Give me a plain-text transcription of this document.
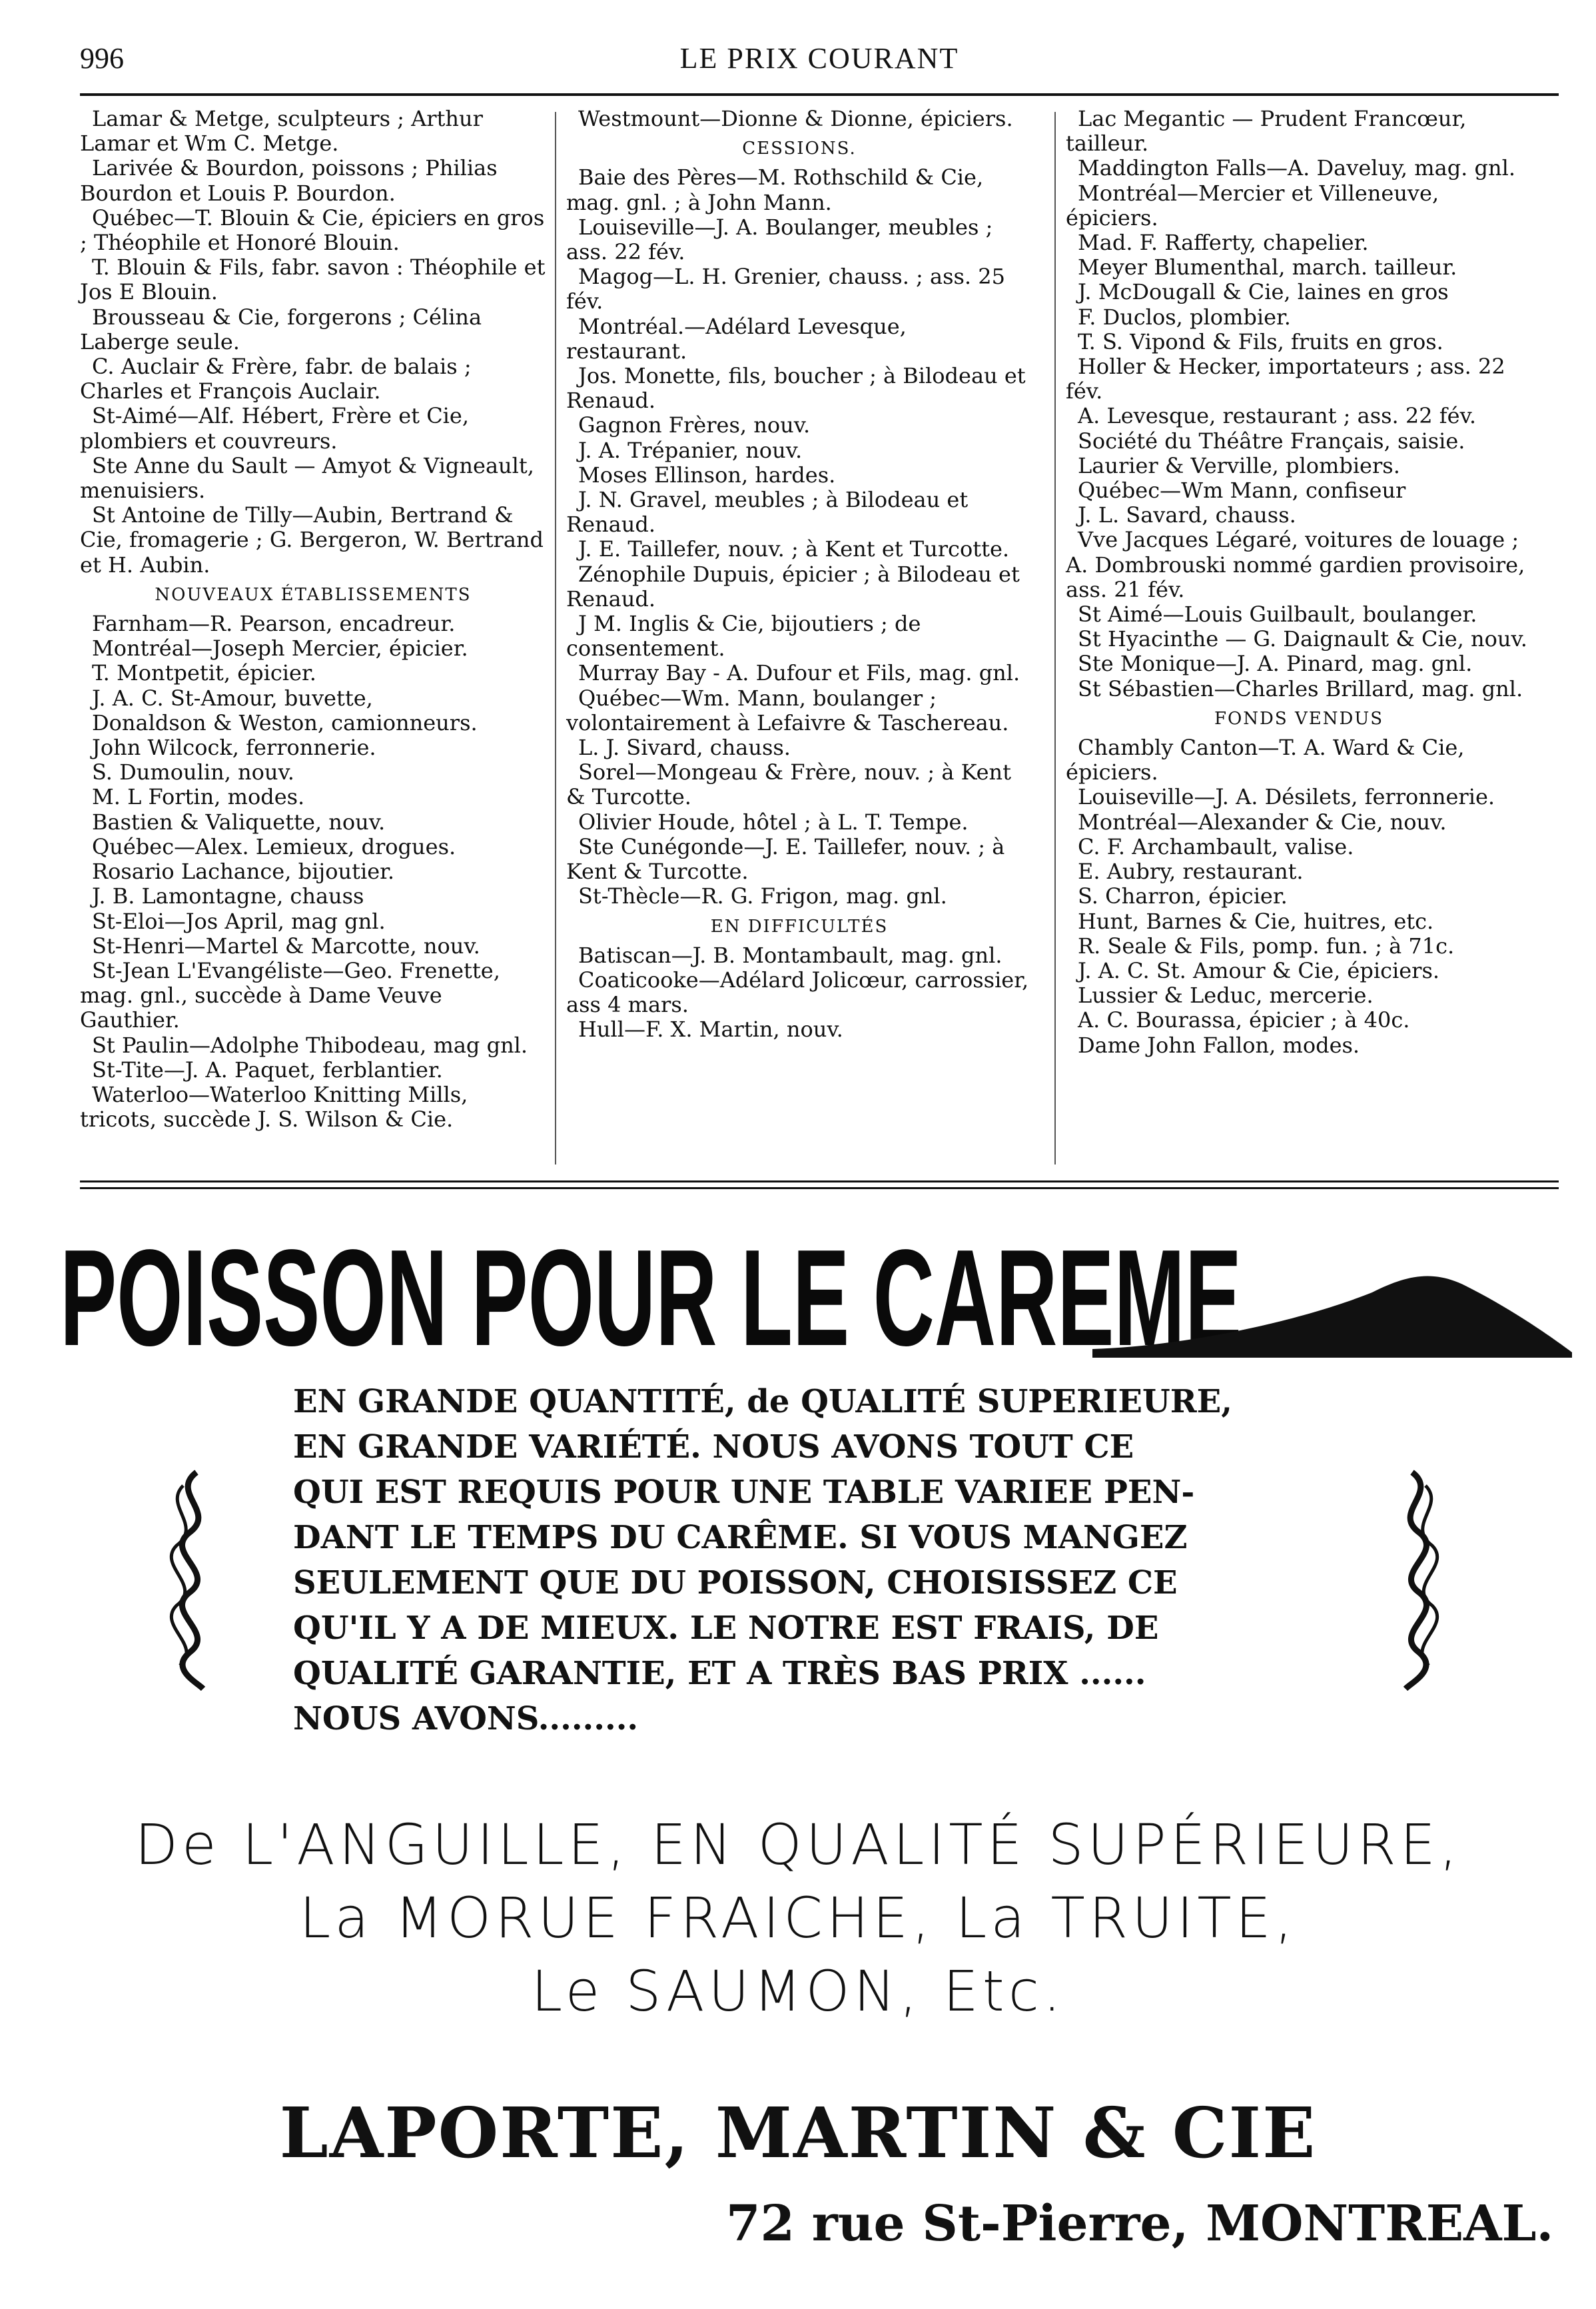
996	LE PRIX COURANT

Lamar & Metge, sculpteurs ; Arthur Lamar et Wm C. Metge.

Larivée & Bourdon, poissons ; Philias Bourdon et Louis P. Bourdon.

Québec—T. Blouin & Cie, épiciers en gros ; Théophile et Honoré Blouin.

T. Blouin & Fils, fabr. savon : Théophile et Jos E Blouin.

Brousseau & Cie, forgerons ; Célina Laberge seule.

C. Auclair & Frère, fabr. de balais ; Charles et François Auclair.

St-Aimé—Alf. Hébert, Frère et Cie, plombiers et couvreurs.

Ste Anne du Sault — Amyot & Vigneault, menuisiers.

St Antoine de Tilly—Aubin, Bertrand & Cie, fromagerie ; G. Bergeron, W. Bertrand et H. Aubin.

NOUVEAUX ÉTABLISSEMENTS

Farnham—R. Pearson, encadreur.

Montréal—Joseph Mercier, épicier.

T. Montpetit, épicier.

J. A. C. St-Amour, buvette,

Donaldson & Weston, camionneurs.

John Wilcock, ferronnerie.

S. Dumoulin, nouv.

M. L Fortin, modes.

Bastien & Valiquette, nouv.

Québec—Alex. Lemieux, drogues.

Rosario Lachance, bijoutier.

J. B. Lamontagne, chauss

St-Eloi—Jos April, mag gnl.

St-Henri—Martel & Marcotte, nouv.

St-Jean L'Evangéliste—Geo. Frenette, mag. gnl., succède à Dame Veuve Gauthier.

St Paulin—Adolphe Thibodeau, mag gnl.

St-Tite—J. A. Paquet, ferblantier.

Waterloo—Waterloo Knitting Mills, tricots, succède J. S. Wilson & Cie.

Westmount—Dionne & Dionne, épiciers.

CESSIONS.

Baie des Pères—M. Rothschild & Cie, mag. gnl. ; à John Mann.

Louiseville—J. A. Boulanger, meubles ; ass. 22 fév.

Magog—L. H. Grenier, chauss. ; ass. 25 fév.

Montréal.—Adélard Levesque, restaurant.

Jos. Monette, fils, boucher ; à Bilodeau et Renaud.

Gagnon Frères, nouv.

J. A. Trépanier, nouv.

Moses Ellinson, hardes.

J. N. Gravel, meubles ; à Bilodeau et Renaud.

J. E. Taillefer, nouv. ; à Kent et Turcotte.

Zénophile Dupuis, épicier ; à Bilodeau et Renaud.

J M. Inglis & Cie, bijoutiers ; de consentement.

Murray Bay - A. Dufour et Fils, mag. gnl.

Québec—Wm. Mann, boulanger ; volontairement à Lefaivre & Taschereau.

L. J. Sivard, chauss.

Sorel—Mongeau & Frère, nouv. ; à Kent & Turcotte.

Olivier Houde, hôtel ; à L. T. Tempe.

Ste Cunégonde—J. E. Taillefer, nouv. ; à Kent & Turcotte.

St-Thècle—R. G. Frigon, mag. gnl.

EN DIFFICULTÉS

Batiscan—J. B. Montambault, mag. gnl.

Coaticooke—Adélard Jolicœur, carrossier, ass 4 mars.

Hull—F. X. Martin, nouv.

Lac Megantic — Prudent Francœur, tailleur.

Maddington Falls—A. Daveluy, mag. gnl.

Montréal—Mercier et Villeneuve, épiciers.

Mad. F. Rafferty, chapelier.

Meyer Blumenthal, march. tailleur.

J. McDougall & Cie, laines en gros

F. Duclos, plombier.

T. S. Vipond & Fils, fruits en gros.

Holler & Hecker, importateurs ; ass. 22 fév.

A. Levesque, restaurant ; ass. 22 fév.

Société du Théâtre Français, saisie.

Laurier & Verville, plombiers.

Québec—Wm Mann, confiseur

J. L. Savard, chauss.

Vve Jacques Légaré, voitures de louage ; A. Dombrouski nommé gardien provisoire, ass. 21 fév.

St Aimé—Louis Guilbault, boulanger.

St Hyacinthe — G. Daignault & Cie, nouv.

Ste Monique—J. A. Pinard, mag. gnl.

St Sébastien—Charles Brillard, mag. gnl.

FONDS VENDUS

Chambly Canton—T. A. Ward & Cie, épiciers.

Louiseville—J. A. Désilets, ferronnerie.

Montréal—Alexander & Cie, nouv.

C. F. Archambault, valise.

E. Aubry, restaurant.

S. Charron, épicier.

Hunt, Barnes & Cie, huitres, etc.

R. Seale & Fils, pomp. fun. ; à 71c.

J. A. C. St. Amour & Cie, épiciers.

Lussier & Leduc, mercerie.

A. C. Bourassa, épicier ; à 40c.

Dame John Fallon, modes.

POISSON POUR LE CAREME

EN GRANDE QUANTITÉ, de QUALITÉ SUPERIEURE,

EN GRANDE VARIÉTÉ. NOUS AVONS TOUT CE

QUI EST REQUIS POUR UNE TABLE VARIEE PEN-

DANT LE TEMPS DU CARÊME. SI VOUS MANGEZ

SEULEMENT QUE DU POISSON, CHOISISSEZ CE

QU'IL Y A DE MIEUX. LE NOTRE EST FRAIS, DE

QUALITÉ GARANTIE, ET A TRÈS BAS PRIX ......

NOUS AVONS.........

De L'ANGUILLE, EN QUALITÉ SUPÉRIEURE,
La MORUE FRAICHE, La TRUITE,
Le SAUMON, Etc.
LAPORTE, MARTIN & CIE
72 rue St-Pierre, MONTREAL.
